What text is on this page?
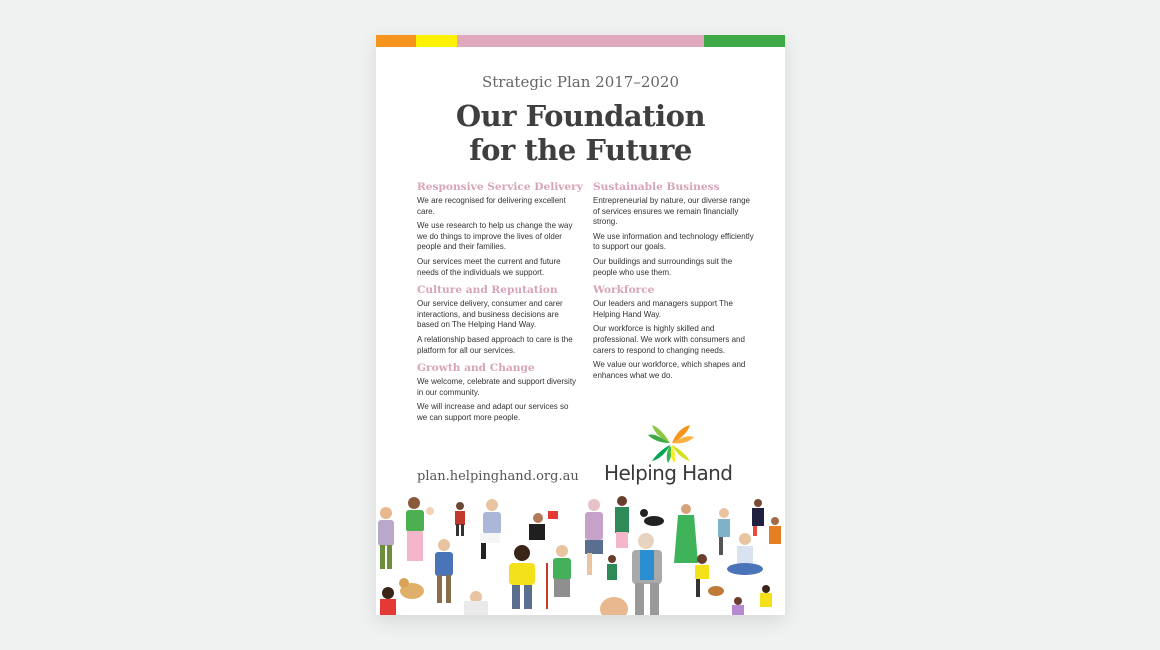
Strategic Plan 2017–2020
Our Foundation
for the Future
Responsive Service Delivery

We are recognised for delivering excellent care.

We use research to help us change the way we do things to improve the lives of older people and their families.

Our services meet the current and future needs of the individuals we support.

Culture and Reputation

Our service delivery, consumer and carer interactions, and business decisions are based on The Helping Hand Way.

A relationship based approach to care is the platform for all our services.

Growth and Change

We welcome, celebrate and support diversity in our community.

We will increase and adapt our services so we can support more people.

Sustainable Business

Entrepreneurial by nature, our diverse range of services ensures we remain financially strong.

We use information and technology efficiently to support our goals.

Our buildings and surroundings suit the people who use them.

Workforce

Our leaders and managers support The Helping Hand Way.

Our workforce is highly skilled and professional. We work with consumers and carers to respond to changing needs.

We value our workforce, which shapes and enhances what we do.

plan.helpinghand.org.au Helping Hand
